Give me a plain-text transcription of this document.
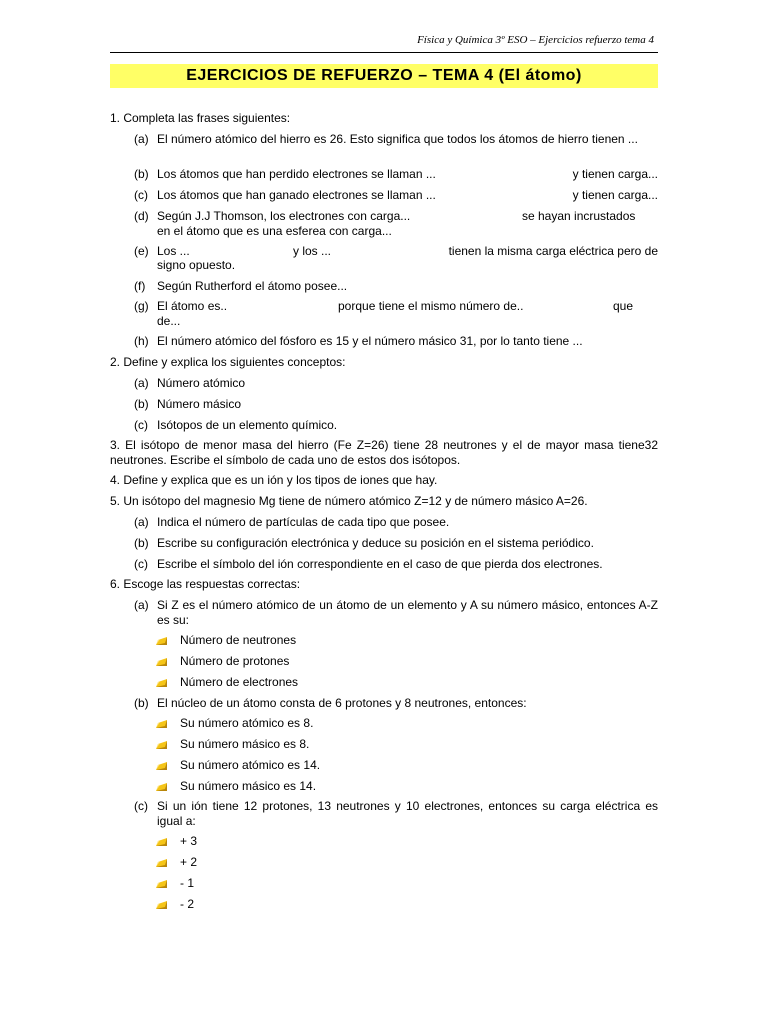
Física y Química 3º ESO – Ejercicios refuerzo tema 4
EJERCICIOS DE REFUERZO – TEMA 4 (El átomo)
1. Completa las frases siguientes:
(a) El número atómico del hierro es 26. Esto significa que todos los átomos de hierro tienen ...
(b) Los átomos que han perdido electrones se llaman ...	y tienen carga...
(c) Los átomos que han ganado electrones se llaman ...	y tienen carga...
(d) Según J.J Thomson, los electrones con carga...	se hayan incrustados
en el átomo que es una esferea con carga...
(e) Los ...	y los ...	tienen la misma carga eléctrica pero de
signo opuesto.
(f) Según Rutherford el átomo posee...
(g) El átomo es..	porque tiene el mismo número de..	que
de...
(h) El número atómico del fósforo es 15 y el número másico 31, por lo tanto tiene ...
2. Define y explica los siguientes conceptos:
(a) Número atómico
(b) Número másico
(c) Isótopos de un elemento químico.
3. El isótopo de menor masa del hierro (Fe Z=26) tiene 28 neutrones y el de mayor masa tiene32 neutrones. Escribe el símbolo de cada uno de estos dos isótopos.
4. Define y explica que es un ión y los tipos de iones que hay.
5. Un isótopo del magnesio Mg tiene de número atómico Z=12 y de número másico A=26.
(a) Indica el número de partículas de cada tipo que posee.
(b) Escribe su configuración electrónica y deduce su posición en el sistema periódico.
(c) Escribe el símbolo del ión correspondiente en el caso de que pierda dos electrones.
6. Escoge las respuestas correctas:
(a) Si Z es el número atómico de un átomo de un elemento y A su número másico, entonces A-Z es su:
Número de neutrones
Número de protones
Número de electrones
(b) El núcleo de un átomo consta de 6 protones y 8 neutrones, entonces:
Su número atómico es 8.
Su número másico es 8.
Su número atómico es 14.
Su número másico es 14.
(c) Si un ión tiene 12 protones, 13 neutrones y 10 electrones, entonces su carga eléctrica es igual a:
+ 3
+ 2
- 1
- 2
